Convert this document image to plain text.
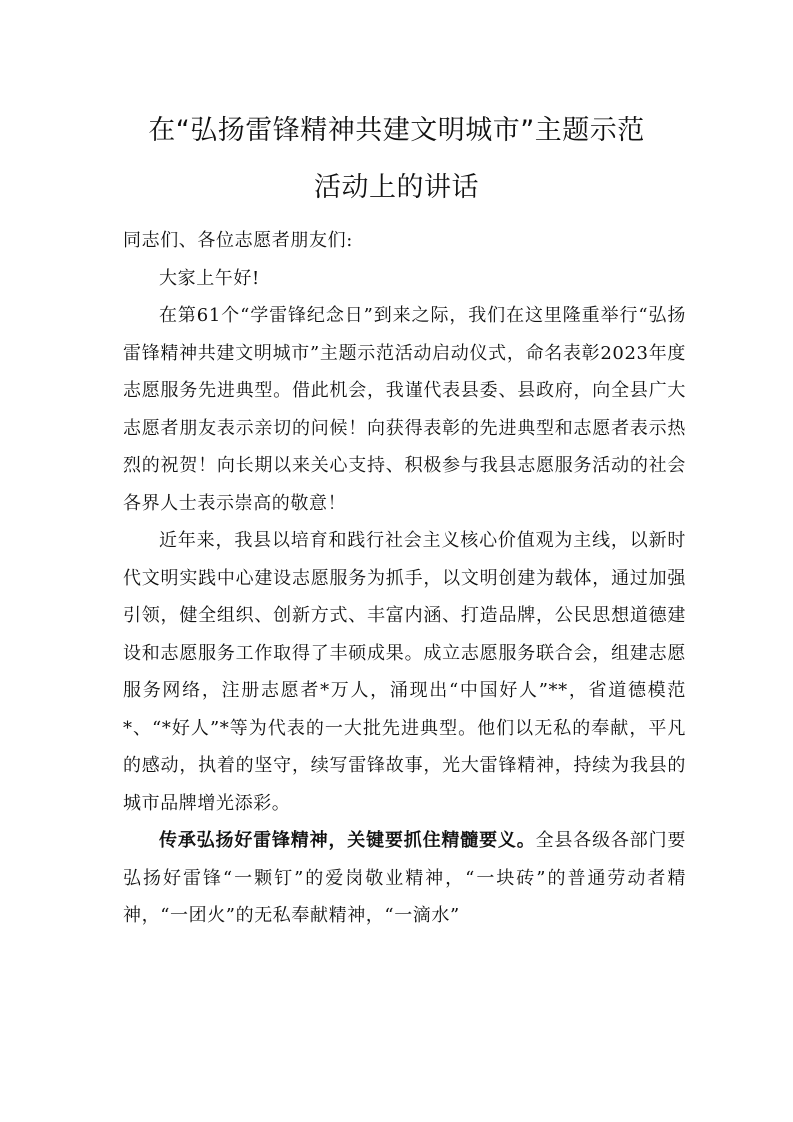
在“弘扬雷锋精神共建文明城市”主题示范
活动上的讲话

同志们、各位志愿者朋友们:

大家上午好!

在第61个“学雷锋纪念日”到来之际，我们在这里隆重举行“弘扬雷锋精神共建文明城市”主题示范活动启动仪式，命名表彰2023年度志愿服务先进典型。借此机会，我谨代表县委、县政府，向全县广大志愿者朋友表示亲切的问候！向获得表彰的先进典型和志愿者表示热烈的祝贺！向长期以来关心支持、积极参与我县志愿服务活动的社会各界人士表示崇高的敬意！

近年来，我县以培育和践行社会主义核心价值观为主线，以新时代文明实践中心建设志愿服务为抓手，以文明创建为载体，通过加强引领，健全组织、创新方式、丰富内涵、打造品牌，公民思想道德建设和志愿服务工作取得了丰硕成果。成立志愿服务联合会，组建志愿服务网络，注册志愿者*万人，涌现出“中国好人”**，省道德模范*、“*好人”*等为代表的一大批先进典型。他们以无私的奉献，平凡的感动，执着的坚守，续写雷锋故事，光大雷锋精神，持续为我县的城市品牌增光添彩。

传承弘扬好雷锋精神，关键要抓住精髓要义。全县各级各部门要弘扬好雷锋“一颗钉”的爱岗敬业精神，“一块砖”的普通劳动者精神，“一团火”的无私奉献精神，“一滴水”
